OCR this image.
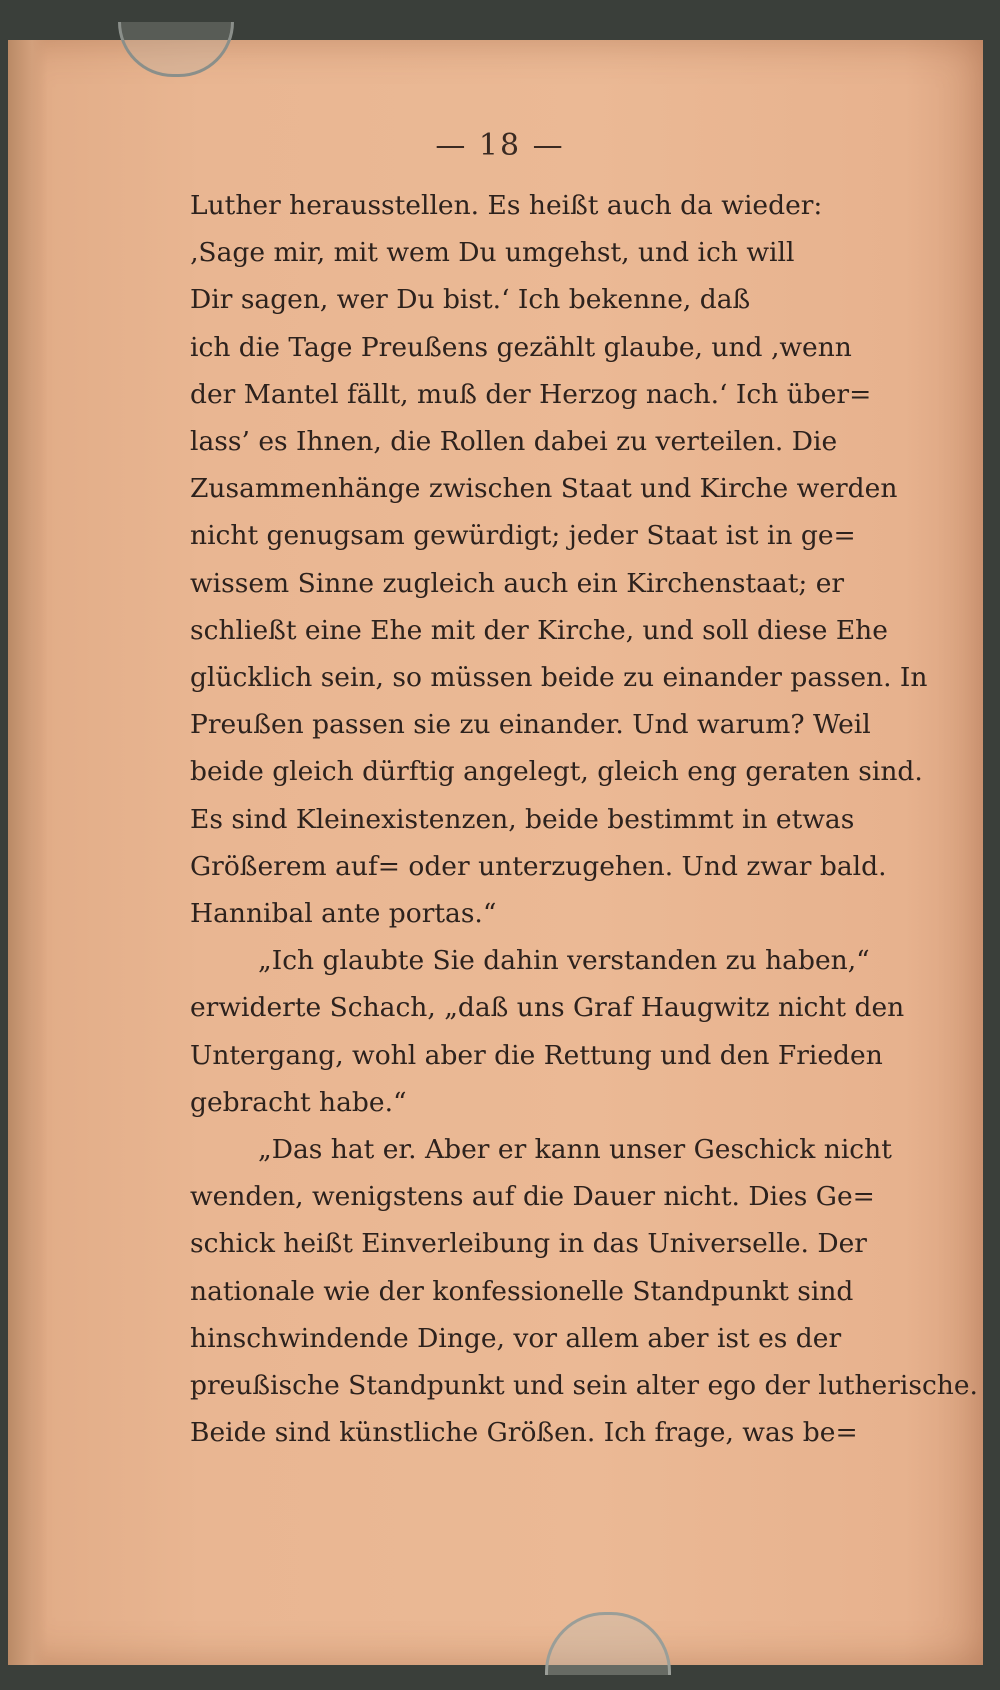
— 18 —
Luther herausstellen. Es heißt auch da wieder:
‚Sage mir, mit wem Du umgehst, und ich will
Dir sagen, wer Du bist.‘ Ich bekenne, daß
ich die Tage Preußens gezählt glaube, und ‚wenn
der Mantel fällt, muß der Herzog nach.‘ Ich über=
lass’ es Ihnen, die Rollen dabei zu verteilen. Die
Zusammenhänge zwischen Staat und Kirche werden
nicht genugsam gewürdigt; jeder Staat ist in ge=
wissem Sinne zugleich auch ein Kirchenstaat; er
schließt eine Ehe mit der Kirche, und soll diese Ehe
glücklich sein, so müssen beide zu einander passen. In
Preußen passen sie zu einander. Und warum? Weil
beide gleich dürftig angelegt, gleich eng geraten sind.
Es sind Kleinexistenzen, beide bestimmt in etwas
Größerem auf= oder unterzugehen. Und zwar bald.
Hannibal ante portas.“
„Ich glaubte Sie dahin verstanden zu haben,“
erwiderte Schach, „daß uns Graf Haugwitz nicht den
Untergang, wohl aber die Rettung und den Frieden
gebracht habe.“
„Das hat er. Aber er kann unser Geschick nicht
wenden, wenigstens auf die Dauer nicht. Dies Ge=
schick heißt Einverleibung in das Universelle. Der
nationale wie der konfessionelle Standpunkt sind
hinschwindende Dinge, vor allem aber ist es der
preußische Standpunkt und sein alter ego der lutherische.
Beide sind künstliche Größen. Ich frage, was be=
